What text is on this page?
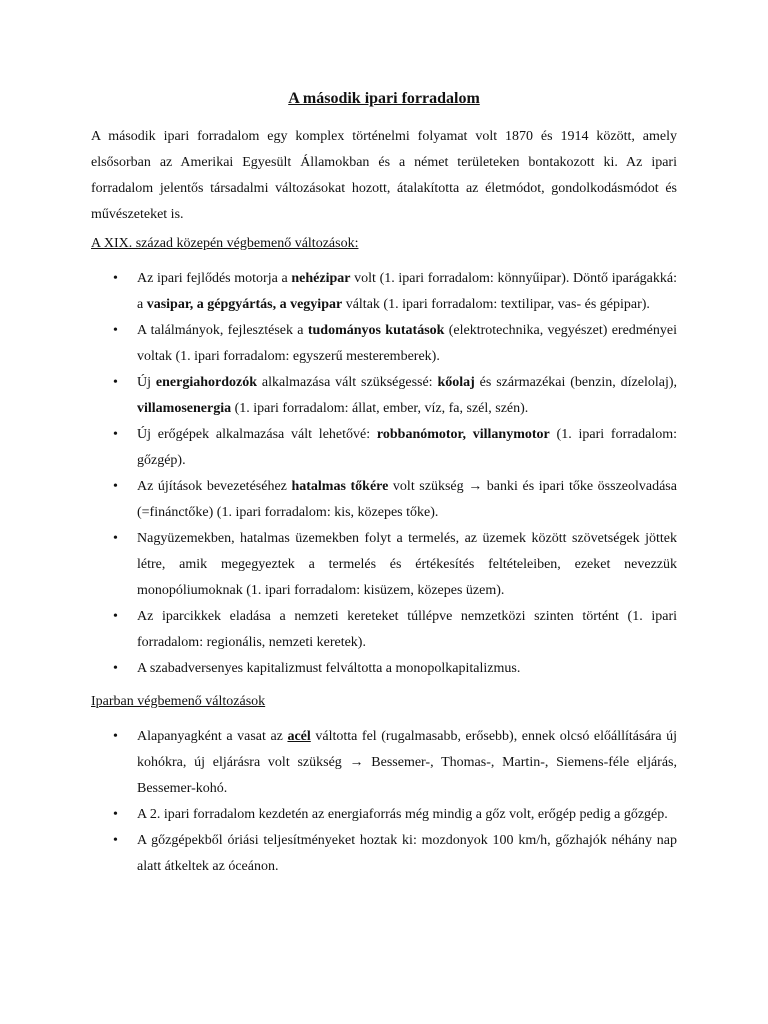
A második ipari forradalom

A második ipari forradalom egy komplex történelmi folyamat volt 1870 és 1914 között, amely elsősorban az Amerikai Egyesült Államokban és a német területeken bontakozott ki. Az ipari forradalom jelentős társadalmi változásokat hozott, átalakította az életmódot, gondolkodásmódot és művészeteket is.

A XIX. század közepén végbemenő változások:
• Az ipari fejlődés motorja a nehézipar volt (1. ipari forradalom: könnyűipar). Döntő iparágakká: a vasipar, a gépgyártás, a vegyipar váltak (1. ipari forradalom: textilipar, vas- és gépipar).
• A találmányok, fejlesztések a tudományos kutatások (elektrotechnika, vegyészet) eredményei voltak (1. ipari forradalom: egyszerű mesteremberek).
• Új energiahordozók alkalmazása vált szükségessé: kőolaj és származékai (benzin, dízelolaj), villamosenergia (1. ipari forradalom: állat, ember, víz, fa, szél, szén).
• Új erőgépek alkalmazása vált lehetővé: robbanómotor, villanymotor (1. ipari forradalom: gőzgép).
• Az újítások bevezetéséhez hatalmas tőkére volt szükség → banki és ipari tőke összeolvadása (=finánctőke) (1. ipari forradalom: kis, közepes tőke).
• Nagyüzemekben, hatalmas üzemekben folyt a termelés, az üzemek között szövetségek jöttek létre, amik megegyeztek a termelés és értékesítés feltételeiben, ezeket nevezzük monopóliumoknak (1. ipari forradalom: kisüzem, közepes üzem).
• Az iparcikkek eladása a nemzeti kereteket túllépve nemzetközi szinten történt (1. ipari forradalom: regionális, nemzeti keretek).
• A szabadversenyes kapitalizmust felváltotta a monopolkapitalizmus.
Iparban végbemenő változások
• Alapanyagként a vasat az acél váltotta fel (rugalmasabb, erősebb), ennek olcsó előállítására új kohókra, új eljárásra volt szükség → Bessemer-, Thomas-, Martin-, Siemens-féle eljárás, Bessemer-kohó.
• A 2. ipari forradalom kezdetén az energiaforrás még mindig a gőz volt, erőgép pedig a gőzgép.
• A gőzgépekből óriási teljesítményeket hoztak ki: mozdonyok 100 km/h, gőzhajók néhány nap alatt átkeltek az óceánon.
